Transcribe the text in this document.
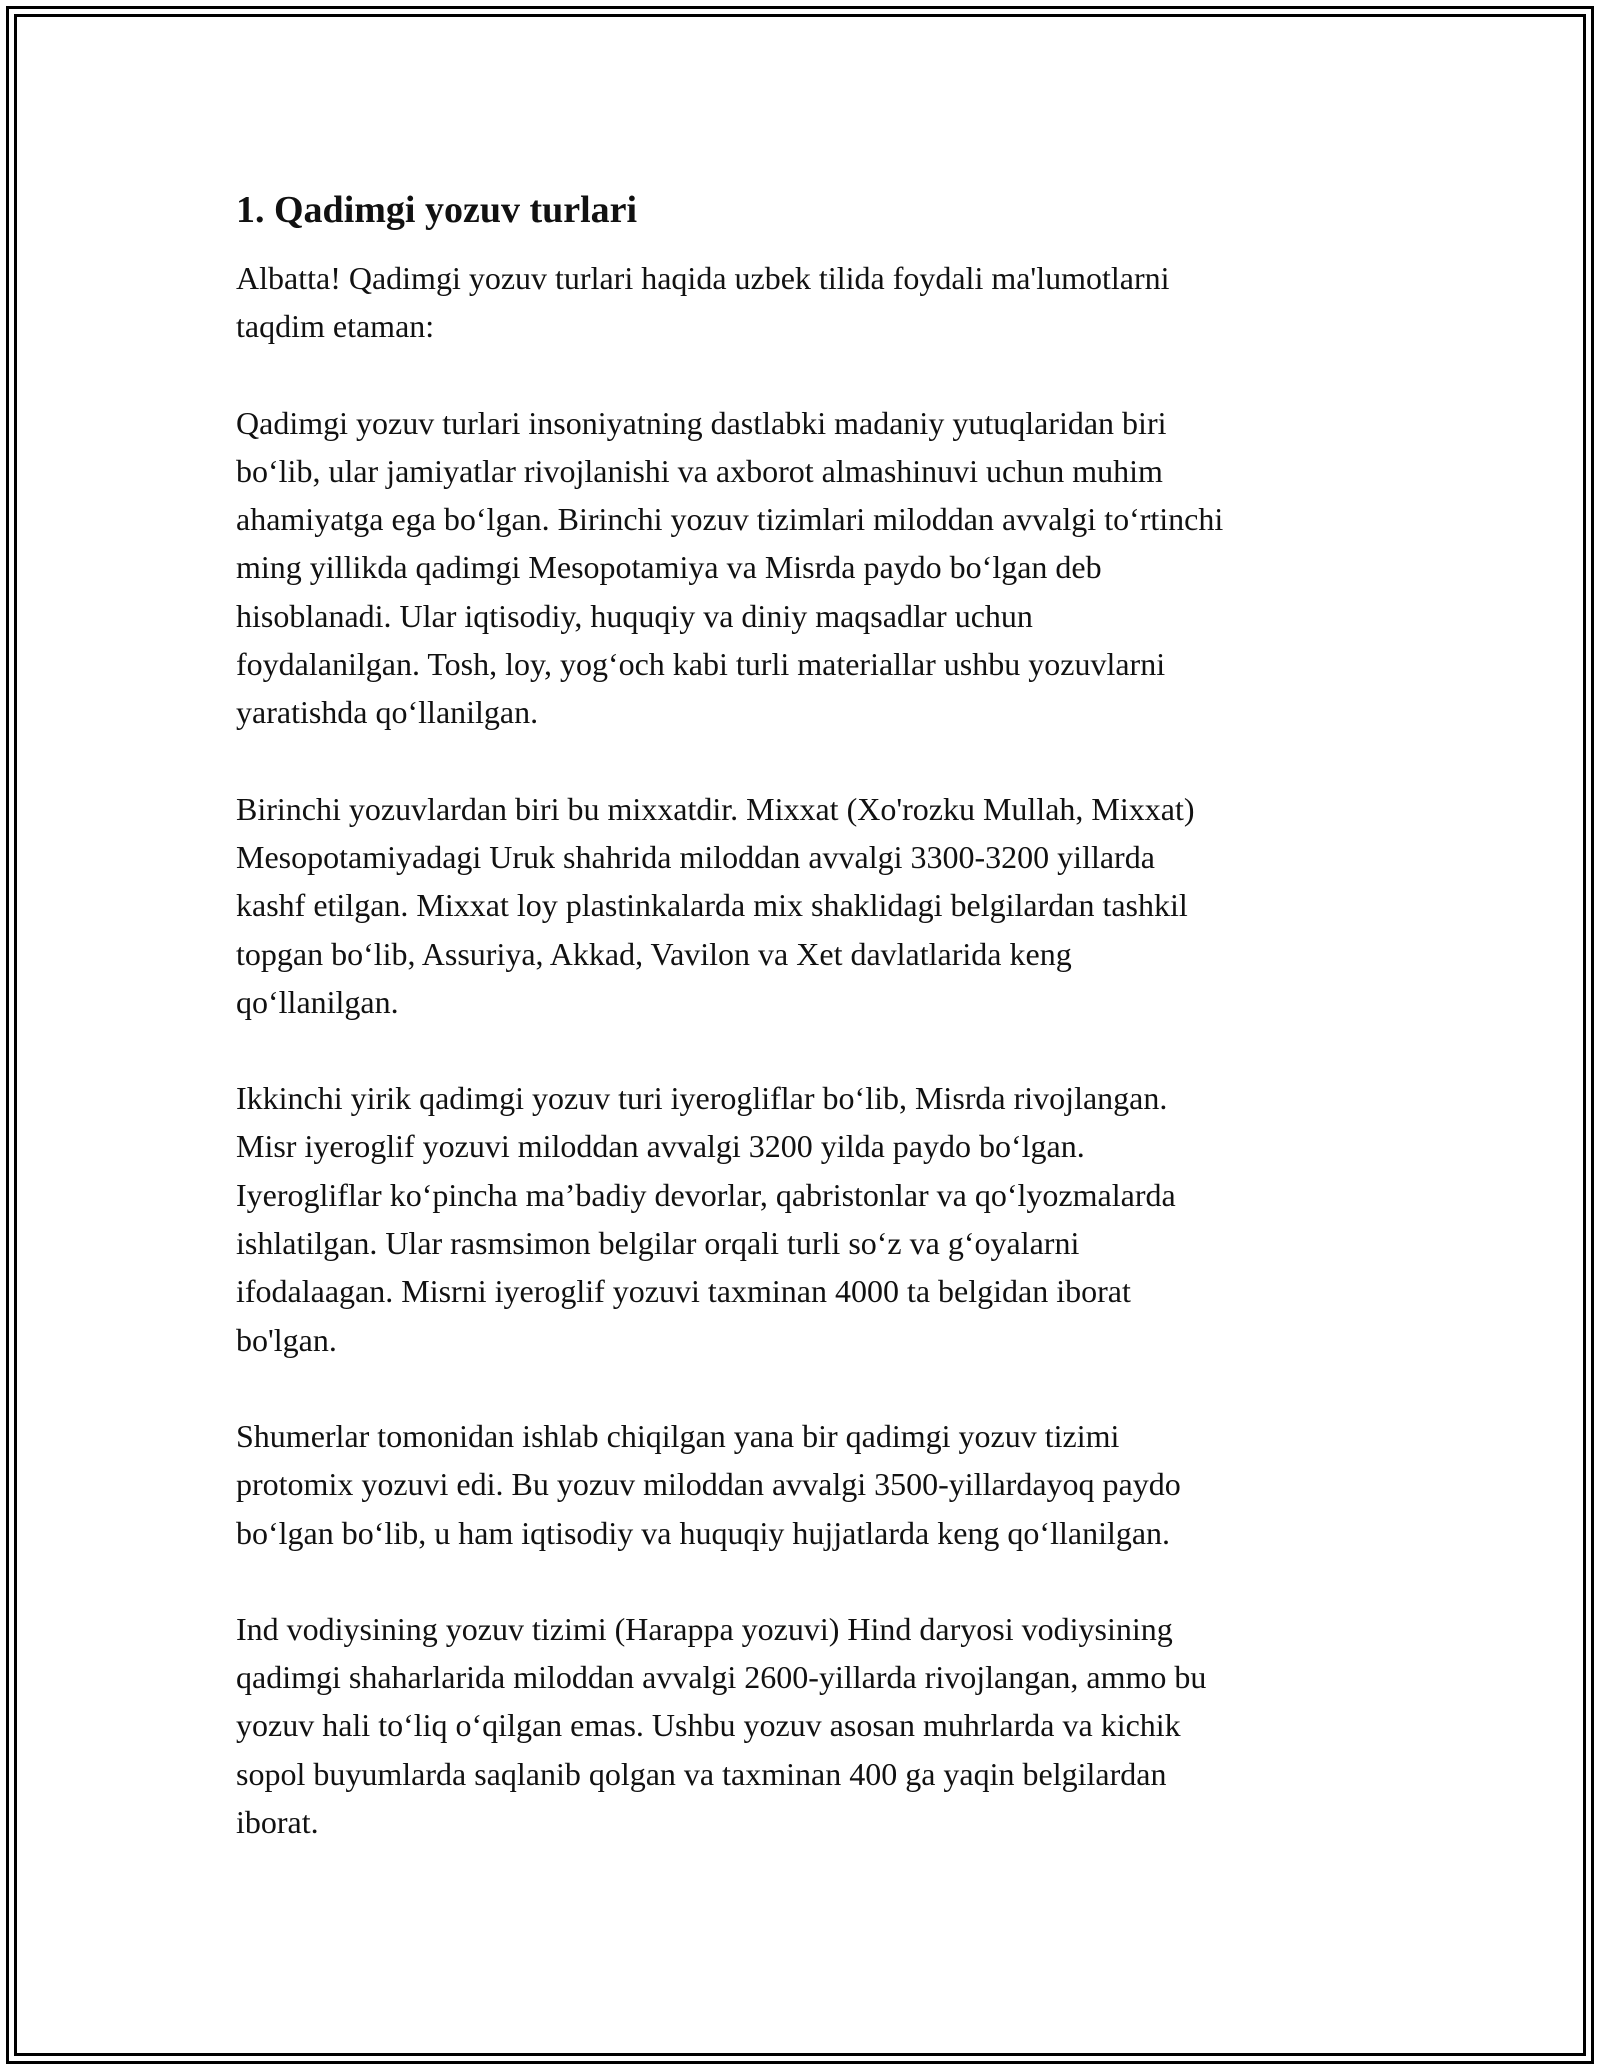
1. Qadimgi yozuv turlari

Albatta! Qadimgi yozuv turlari haqida uzbek tilida foydali ma'lumotlarni
taqdim etaman:

Qadimgi yozuv turlari insoniyatning dastlabki madaniy yutuqlaridan biri
bo‘lib, ular jamiyatlar rivojlanishi va axborot almashinuvi uchun muhim
ahamiyatga ega bo‘lgan. Birinchi yozuv tizimlari miloddan avvalgi to‘rtinchi
ming yillikda qadimgi Mesopotamiya va Misrda paydo bo‘lgan deb
hisoblanadi. Ular iqtisodiy, huquqiy va diniy maqsadlar uchun
foydalanilgan. Tosh, loy, yog‘och kabi turli materiallar ushbu yozuvlarni
yaratishda qo‘llanilgan.

Birinchi yozuvlardan biri bu mixxatdir. Mixxat (Xo'rozku Mullah, Mixxat)
Mesopotamiyadagi Uruk shahrida miloddan avvalgi 3300-3200 yillarda
kashf etilgan. Mixxat loy plastinkalarda mix shaklidagi belgilardan tashkil
topgan bo‘lib, Assuriya, Akkad, Vavilon va Xet davlatlarida keng
qo‘llanilgan.

Ikkinchi yirik qadimgi yozuv turi iyerogliflar bo‘lib, Misrda rivojlangan.
Misr iyeroglif yozuvi miloddan avvalgi 3200 yilda paydo bo‘lgan.
Iyerogliflar ko‘pincha ma’badiy devorlar, qabristonlar va qo‘lyozmalarda
ishlatilgan. Ular rasmsimon belgilar orqali turli so‘z va g‘oyalarni
ifodalaagan. Misrni iyeroglif yozuvi taxminan 4000 ta belgidan iborat
bo'lgan.

Shumerlar tomonidan ishlab chiqilgan yana bir qadimgi yozuv tizimi
protomix yozuvi edi. Bu yozuv miloddan avvalgi 3500-yillardayoq paydo
bo‘lgan bo‘lib, u ham iqtisodiy va huquqiy hujjatlarda keng qo‘llanilgan.

Ind vodiysining yozuv tizimi (Harappa yozuvi) Hind daryosi vodiysining
qadimgi shaharlarida miloddan avvalgi 2600-yillarda rivojlangan, ammo bu
yozuv hali to‘liq o‘qilgan emas. Ushbu yozuv asosan muhrlarda va kichik
sopol buyumlarda saqlanib qolgan va taxminan 400 ga yaqin belgilardan
iborat.
